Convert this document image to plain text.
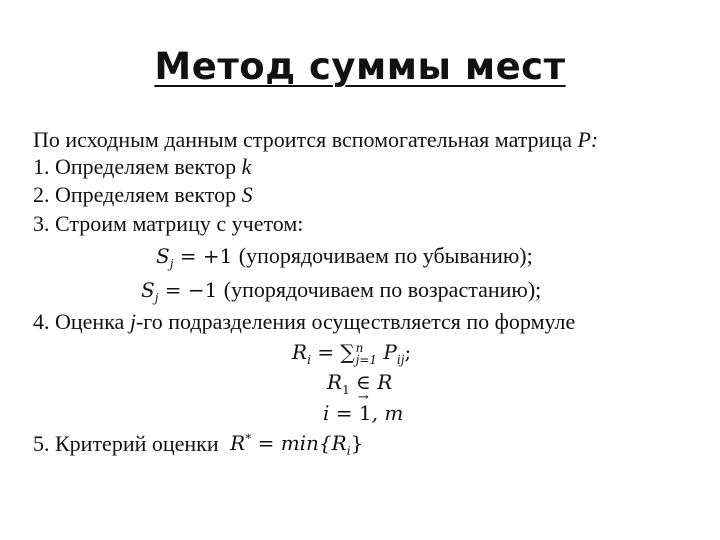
Метод суммы мест
По исходным данным строится вспомогательная матрица P:
1. Определяем вектор k
2. Определяем вектор S
3. Строим матрицу с учетом:
$S_j = +1$ (упорядочиваем по убыванию);
$S_j = -1$ (упорядочиваем по возрастанию);
4. Оценка j-го подразделения осуществляется по формуле
$R_i$ = ∑ n
j=1 $P_{ij}$;
$R_1$ ∈ R
i = → 1, m
5. Критерий оценки $R^* = \min\{R_i\}$
